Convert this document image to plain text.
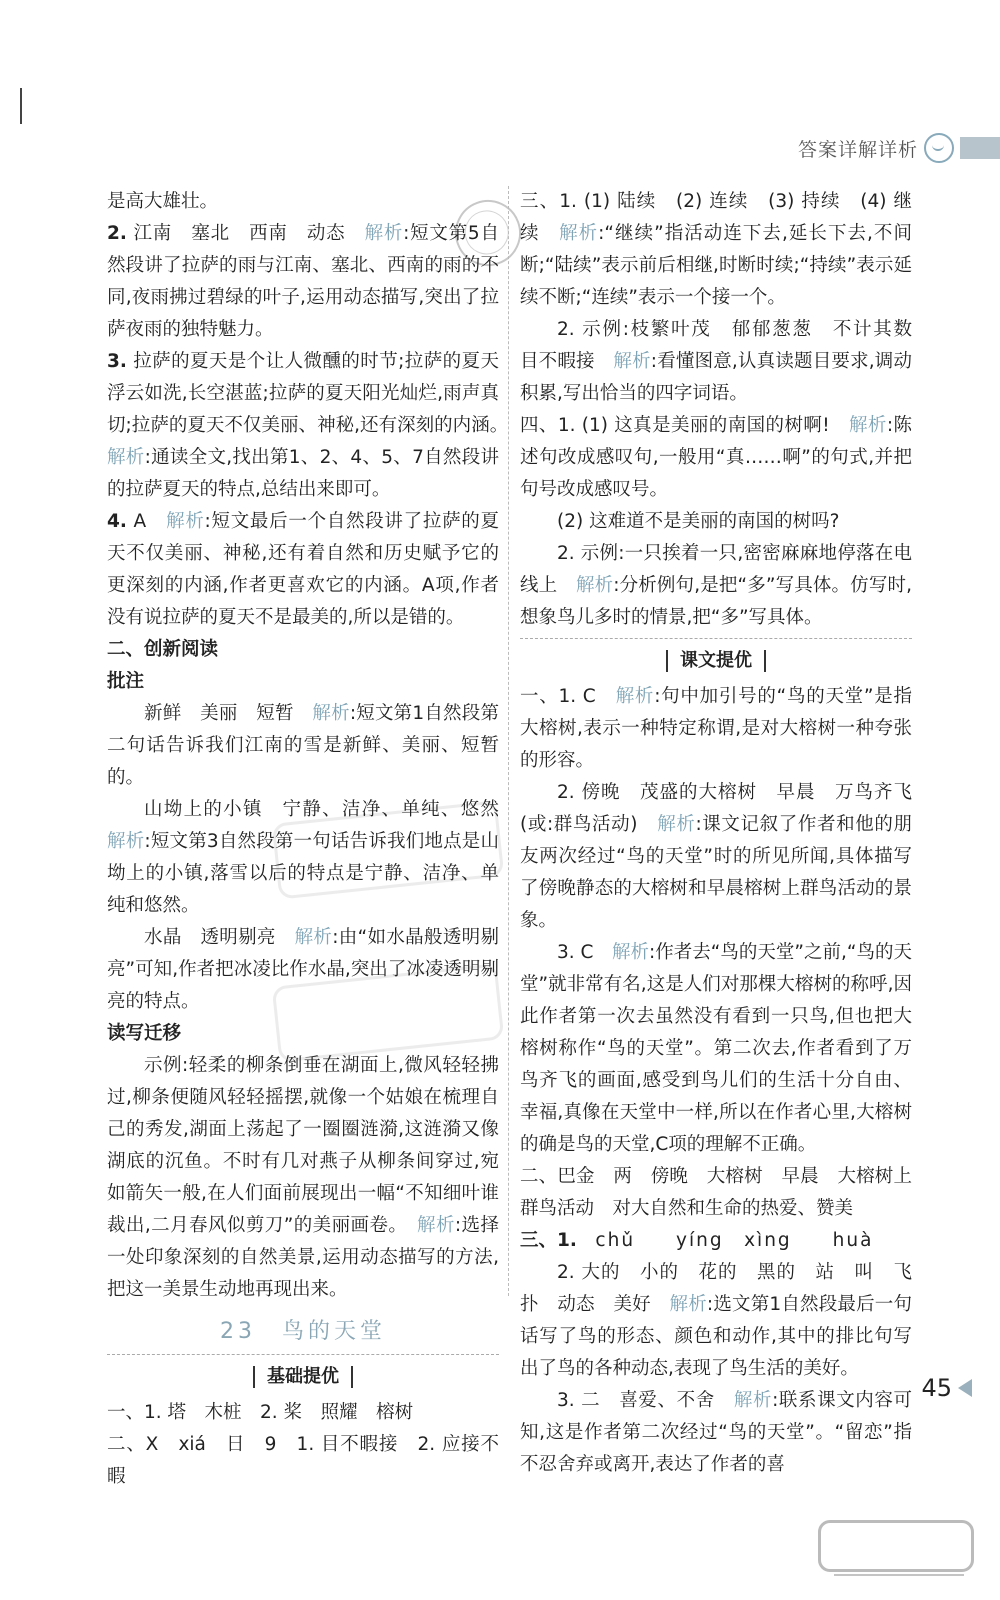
答案详解详析

是高大雄壮。

2. 江南　塞北　西南　动态　 解析:短文第5自然段讲了拉萨的雨与江南、塞北、西南的雨的不同,夜雨拂过碧绿的叶子,运用动态描写,突出了拉萨夜雨的独特魅力。

3. 拉萨的夏天是个让人微醺的时节;拉萨的夏天浮云如洗,长空湛蓝;拉萨的夏天阳光灿烂,雨声真切;拉萨的夏天不仅美丽、神秘,还有深刻的内涵。　解析:通读全文,找出第1、2、4、5、7自然段讲的拉萨夏天的特点,总结出来即可。

4. A　 解析:短文最后一个自然段讲了拉萨的夏天不仅美丽、神秘,还有着自然和历史赋予它的更深刻的内涵,作者更喜欢它的内涵。A项,作者没有说拉萨的夏天不是最美的,所以是错的。

二、创新阅读

批注

新鲜　美丽　短暂　 解析:短文第1自然段第二句话告诉我们江南的雪是新鲜、美丽、短暂的。

山坳上的小镇　宁静、洁净、单纯、悠然　解析:短文第3自然段第一句话告诉我们地点是山坳上的小镇,落雪以后的特点是宁静、洁净、单纯和悠然。

水晶　透明剔亮　 解析:由“如水晶般透明剔亮”可知,作者把冰凌比作水晶,突出了冰凌透明剔亮的特点。

读写迁移

示例:轻柔的柳条倒垂在湖面上,微风轻轻拂过,柳条便随风轻轻摇摆,就像一个姑娘在梳理自己的秀发,湖面上荡起了一圈圈涟漪,这涟漪又像湖底的沉鱼。不时有几对燕子从柳条间穿过,宛如箭矢一般,在人们面前展现出一幅“不知细叶谁裁出,二月春风似剪刀”的美丽画卷。　 解析:选择一处印象深刻的自然美景,运用动态描写的方法,把这一美景生动地再现出来。

23　鸟的天堂
基础提优

一、1. 塔　木桩　2. 桨　照耀　榕树

二、X　xiá　日　9　1. 目不暇接　2. 应接不暇

三、1. (1) 陆续　(2) 连续　(3) 持续　(4) 继续　 解析:“继续”指活动连下去,延长下去,不间断;“陆续”表示前后相继,时断时续;“持续”表示延续不断;“连续”表示一个接一个。

2. 示例:枝繁叶茂　郁郁葱葱　不计其数　目不暇接　 解析:看懂图意,认真读题目要求,调动积累,写出恰当的四字词语。

四、1. (1) 这真是美丽的南国的树啊!　 解析:陈述句改成感叹句,一般用“真……啊”的句式,并把句号改成感叹号。

(2) 这难道不是美丽的南国的树吗?

2. 示例:一只挨着一只,密密麻麻地停落在电线上　 解析:分析例句,是把“多”写具体。仿写时,想象鸟儿多时的情景,把“多”写具体。

课文提优

一、1. C　 解析:句中加引号的“鸟的天堂”是指大榕树,表示一种特定称谓,是对大榕树一种夸张的形容。

2. 傍晚　茂盛的大榕树　早晨　万鸟齐飞(或:群鸟活动)　 解析:课文记叙了作者和他的朋友两次经过“鸟的天堂”时的所见所闻,具体描写了傍晚静态的大榕树和早晨榕树上群鸟活动的景象。

3. C　 解析:作者去“鸟的天堂”之前,“鸟的天堂”就非常有名,这是人们对那棵大榕树的称呼,因此作者第一次去虽然没有看到一只鸟,但也把大榕树称作“鸟的天堂”。第二次去,作者看到了万鸟齐飞的画面,感受到鸟儿们的生活十分自由、幸福,真像在天堂中一样,所以在作者心里,大榕树的确是鸟的天堂,C项的理解不正确。

二、巴金　两　傍晚　大榕树　早晨　大榕树上群鸟活动　对大自然和生命的热爱、赞美

三、1.　 chǔ　　yíng　xìng　　huà

2. 大的　小的　花的　黑的　站　叫　飞　扑　动态　美好　 解析:选文第1自然段最后一句话写了鸟的形态、颜色和动作,其中的排比句写出了鸟的各种动态,表现了鸟生活的美好。

3. 二　喜爱、不舍　 解析:联系课文内容可知,这是作者第二次经过“鸟的天堂”。“留恋”指不忍舍弃或离开,表达了作者的喜

45
